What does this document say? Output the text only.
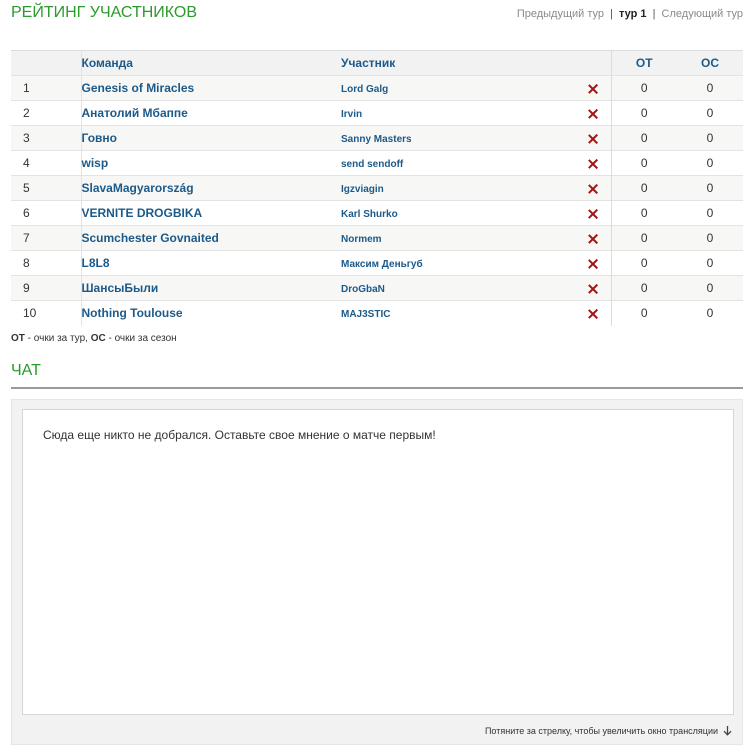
РЕЙТИНГ УЧАСТНИКОВ	Предыдущий тур | тур 1 | Следующий тур
	Команда	Участник		ОТ	ОС
1	Genesis of Miracles	Lord Galg		0	0
2	Анатолий Мбаппе	Irvin		0	0
3	Говно	Sanny Masters		0	0
4	wisp	send sendoff		0	0
5	SlavaMagyarország	Igzviagin		0	0
6	VERNITE DROGBIKA	Karl Shurko		0	0
7	Scumchester Govnaited	Normem		0	0
8	L8L8	Максим Деньгуб		0	0
9	ШансыБыли	DroGbaN		0	0
10	Nothing Toulouse	MAJ3STIC		0	0
ОТ - очки за тур, ОС - очки за сезон
ЧАТ
Сюда еще никто не добрался. Оставьте свое мнение о матче первым!
Потяните за стрелку, чтобы увеличить окно трансляции
